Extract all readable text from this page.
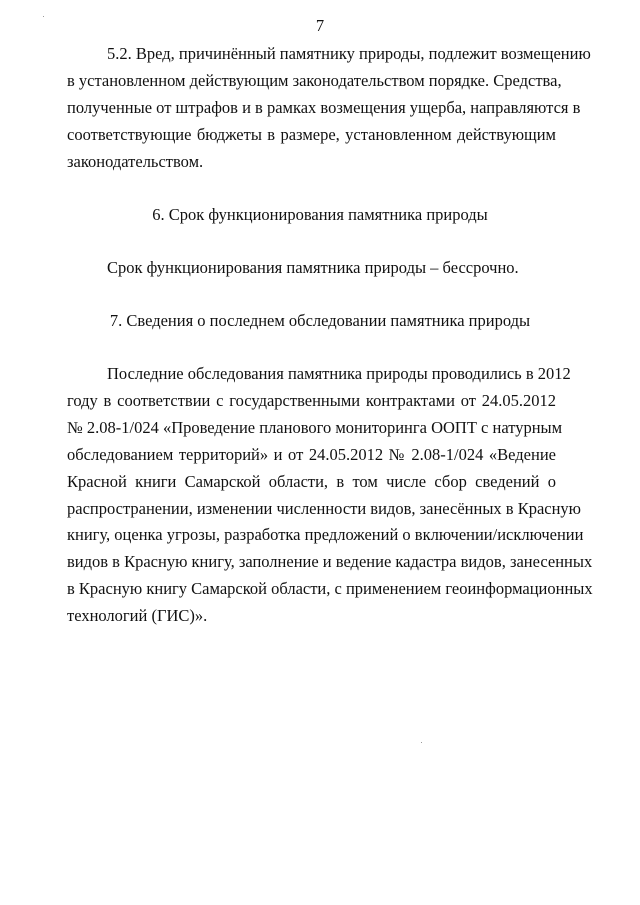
7
5.2. Вред, причинённый памятнику природы, подлежит возмещению
в установленном действующим законодательством порядке. Средства,
полученные от штрафов и в рамках возмещения ущерба, направляются в
соответствующие бюджеты в размере, установленном действующим
законодательством.
6. Срок функционирования памятника природы
Срок функционирования памятника природы – бессрочно.
7. Сведения о последнем обследовании памятника природы
Последние обследования памятника природы проводились в 2012
году в соответствии с государственными контрактами от 24.05.2012
№ 2.08-1/024 «Проведение планового мониторинга ООПТ с натурным
обследованием территорий» и от 24.05.2012 № 2.08-1/024 «Ведение
Красной книги Самарской области, в том числе сбор сведений о
распространении, изменении численности видов, занесённых в Красную
книгу, оценка угрозы, разработка предложений о включении/исключении
видов в Красную книгу, заполнение и ведение кадастра видов, занесенных
в Красную книгу Самарской области, с применением геоинформационных
технологий (ГИС)».
